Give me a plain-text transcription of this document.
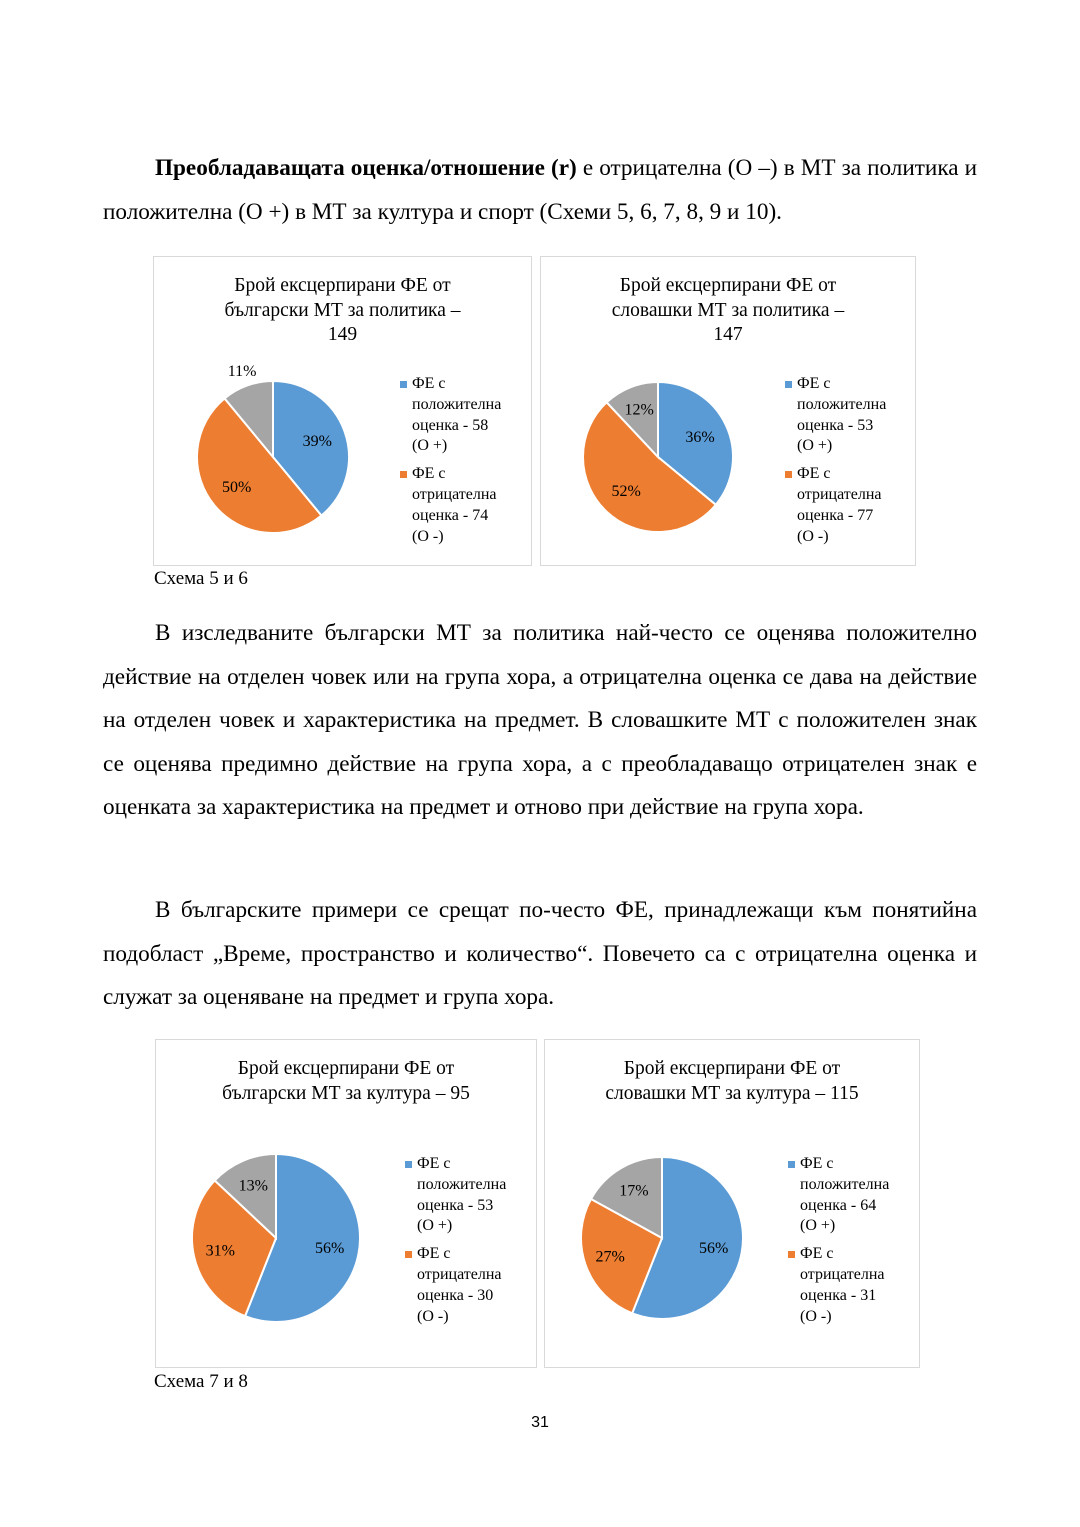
Преобладаващата оценка/отношение (r) е отрицателна (О –) в МТ за политика и положителна (О +) в МТ за култура и спорт (Схеми 5, 6, 7, 8, 9 и 10).

Брой ексцерпирани ФЕ от
български МТ за политика –
149
39%
50%
11%
ФЕ с
положителна
оценка - 58
(О +)
ФЕ с
отрицателна
оценка - 74
(О -)
Брой ексцерпирани ФЕ от
словашки МТ за политика –
147
36%
52%
12%
ФЕ с
положителна
оценка - 53
(О +)
ФЕ с
отрицателна
оценка - 77
(О -)
Схема 5 и 6

В изследваните български МТ за политика най-често се оценява положително действие на отделен човек или на група хора, а отрицателна оценка се дава на действие на отделен човек и характеристика на предмет. В словашките МТ с положителен знак се оценява предимно действие на група хора, а с преобладаващо отрицателен знак е оценката за характеристика на предмет и отново при действие на група хора.

В българските примери се срещат по-често ФЕ, принадлежащи към понятийна подобласт „Време, пространство и количество“. Повечето са с отрицателна оценка и служат за оценяване на предмет и група хора.

Брой ексцерпирани ФЕ от
български МТ за култура – 95
56%
31%
13%
ФЕ с
положителна
оценка - 53
(О +)
ФЕ с
отрицателна
оценка - 30
(О -)
Брой ексцерпирани ФЕ от
словашки МТ за култура – 115
56%
27%
17%
ФЕ с
положителна
оценка - 64
(О +)
ФЕ с
отрицателна
оценка - 31
(О -)
Схема 7 и 8
31
